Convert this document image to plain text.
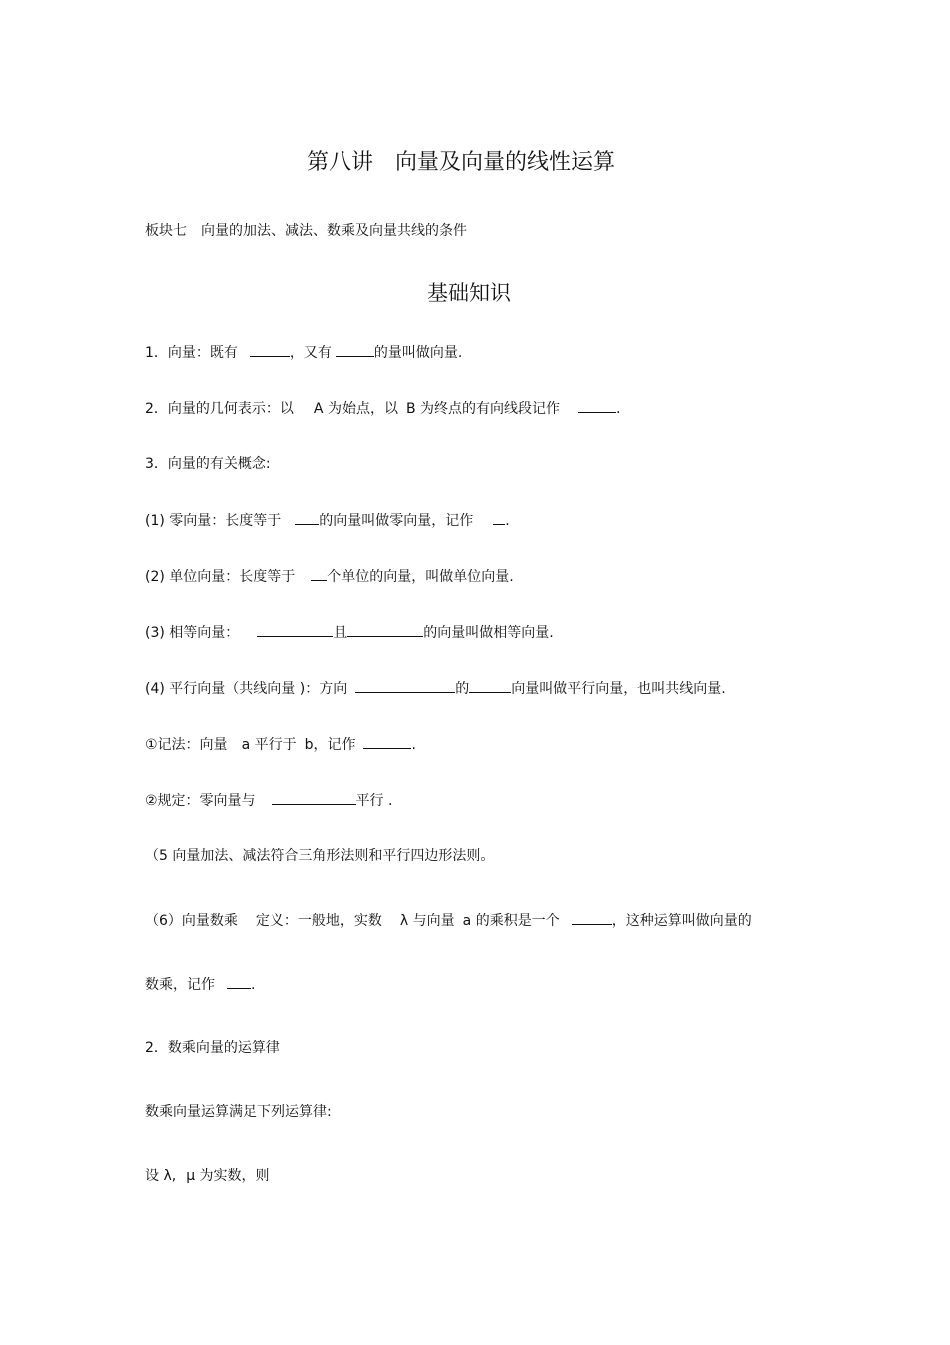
第八讲　向量及向量的线性运算
板块七　向量的加法、减法、数乘及向量共线的条件
基础知识
1．向量：既有	，又有	的量叫做向量.
2．向量的几何表示：以 A 为始点，以 B 为终点的有向线段记作	.
3．向量的有关概念:
(1) 零向量：长度等于	的向量叫做零向量，记作 .
(2) 单位向量：长度等于 个单位的向量，叫做单位向量.
(3) 相等向量：	且	的向量叫做相等向量.
(4) 平行向量（共线向量 )：方向	的	向量叫做平行向量，也叫共线向量.
①记法：向量 a 平行于 b，记作	.
②规定：零向量与	平行 .
（5 向量加法、减法符合三角形法则和平行四边形法则。
（6）向量数乘 定义：一般地，实数 λ 与向量 a 的乘积是一个	，这种运算叫做向量的
数乘，记作	.
2．数乘向量的运算律
数乘向量运算满足下列运算律:
设 λ, μ 为实数，则
